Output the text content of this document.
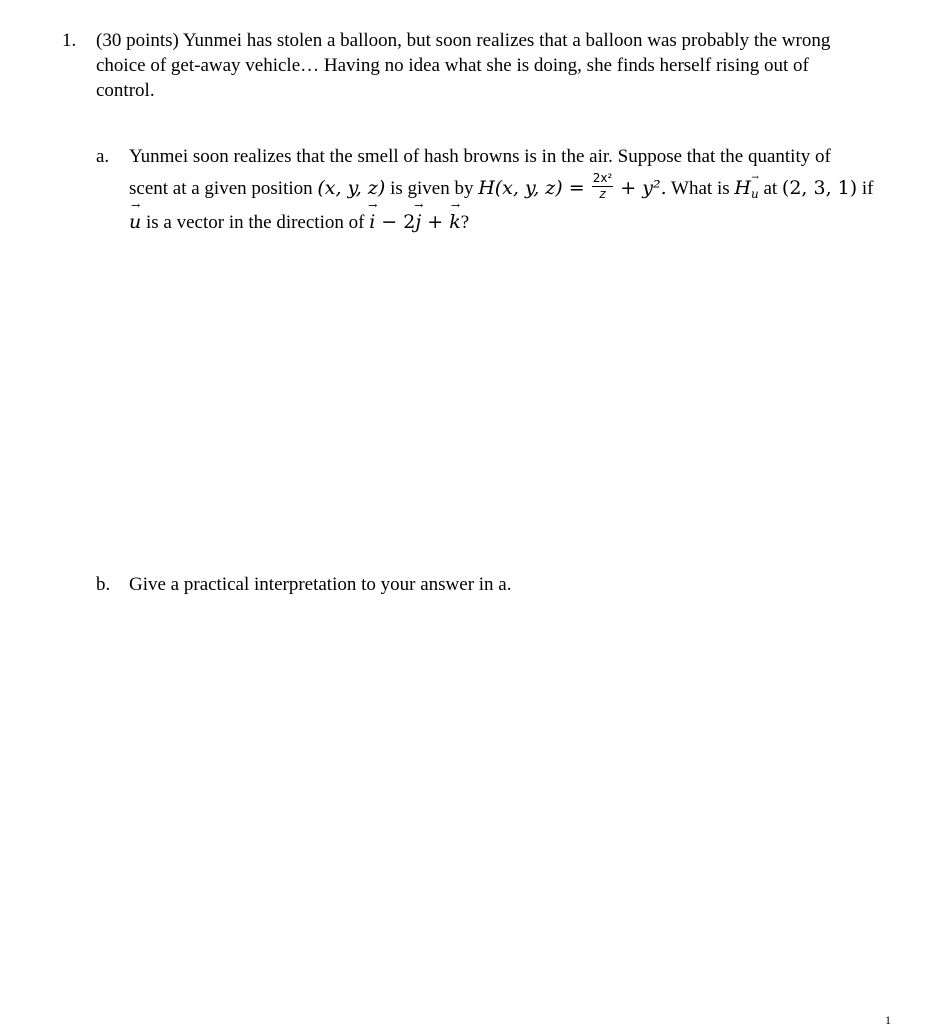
1. (30 points) Yunmei has stolen a balloon, but soon realizes that a balloon was probably the wrong
choice of get-away vehicle… Having no idea what she is doing, she finds herself rising out of
control.
a. Yunmei soon realizes that the smell of hash browns is in the air. Suppose that the quantity of
scent at a given position (x, y, z) is given by H(x, y, $z) = \frac{\text{2x²}}{z} + y^2$. What is H →
u at (2, 3, 1) if
→
u is a vector in the direction of
→
i − 2
→
j +
→
k?
b. Give a practical interpretation to your answer in a.
1
